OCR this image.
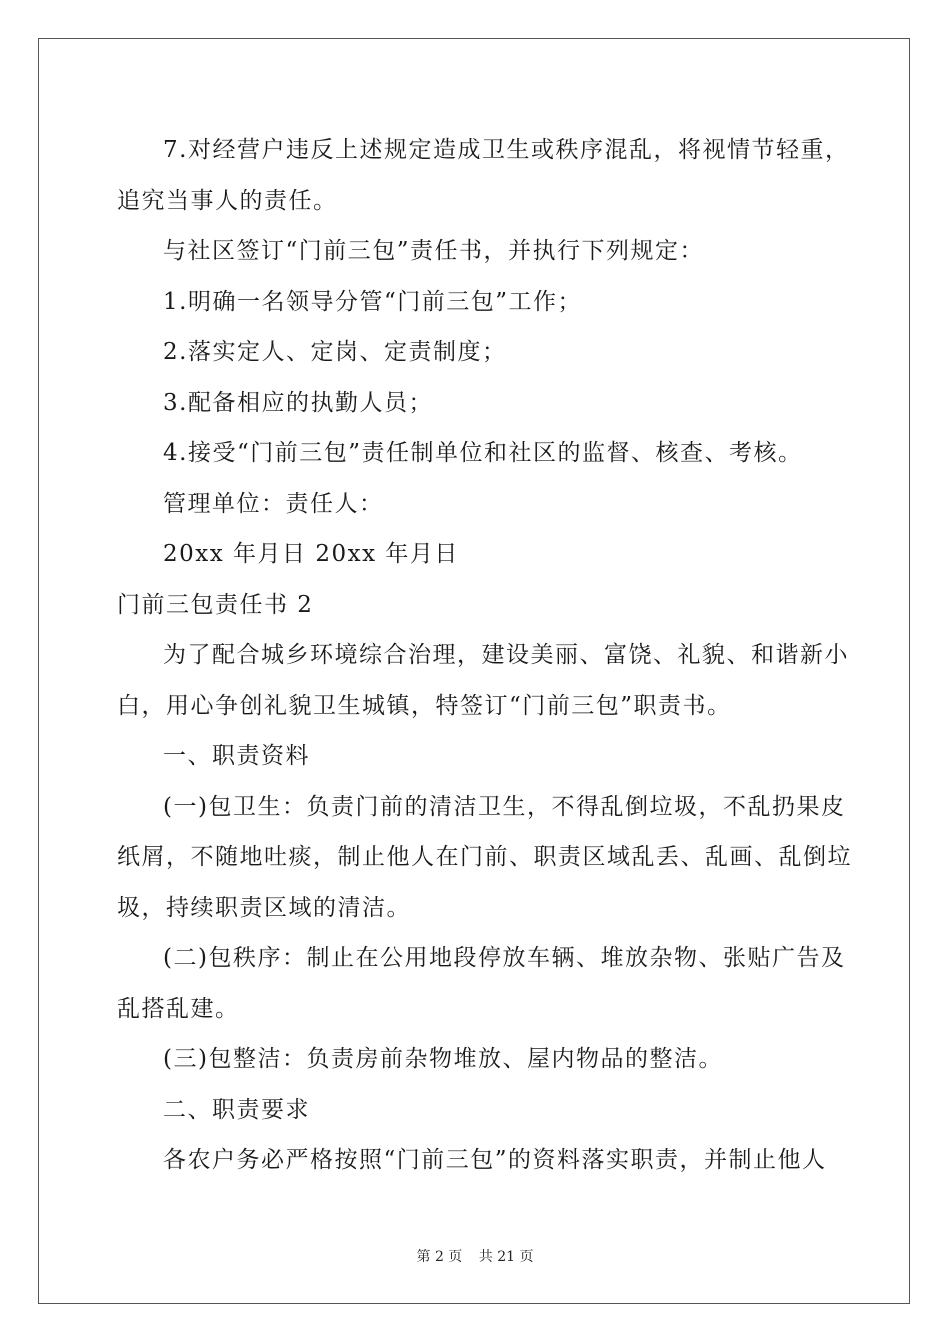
7.对经营户违反上述规定造成卫生或秩序混乱，将视情节轻重，
追究当事人的责任。
与社区签订“门前三包”责任书，并执行下列规定：
1.明确一名领导分管“门前三包”工作；
2.落实定人、定岗、定责制度；
3.配备相应的执勤人员；
4.接受“门前三包”责任制单位和社区的监督、核查、考核。
管理单位：责任人：
20xx 年月日 20xx 年月日
门前三包责任书 2
为了配合城乡环境综合治理，建设美丽、富饶、礼貌、和谐新小
白，用心争创礼貌卫生城镇，特签订“门前三包”职责书。
一、职责资料
(一)包卫生：负责门前的清洁卫生，不得乱倒垃圾，不乱扔果皮
纸屑，不随地吐痰，制止他人在门前、职责区域乱丢、乱画、乱倒垃
圾，持续职责区域的清洁。
(二)包秩序：制止在公用地段停放车辆、堆放杂物、张贴广告及
乱搭乱建。
(三)包整洁：负责房前杂物堆放、屋内物品的整洁。
二、职责要求
各农户务必严格按照“门前三包”的资料落实职责，并制止他人
第 2 页 共 21 页
